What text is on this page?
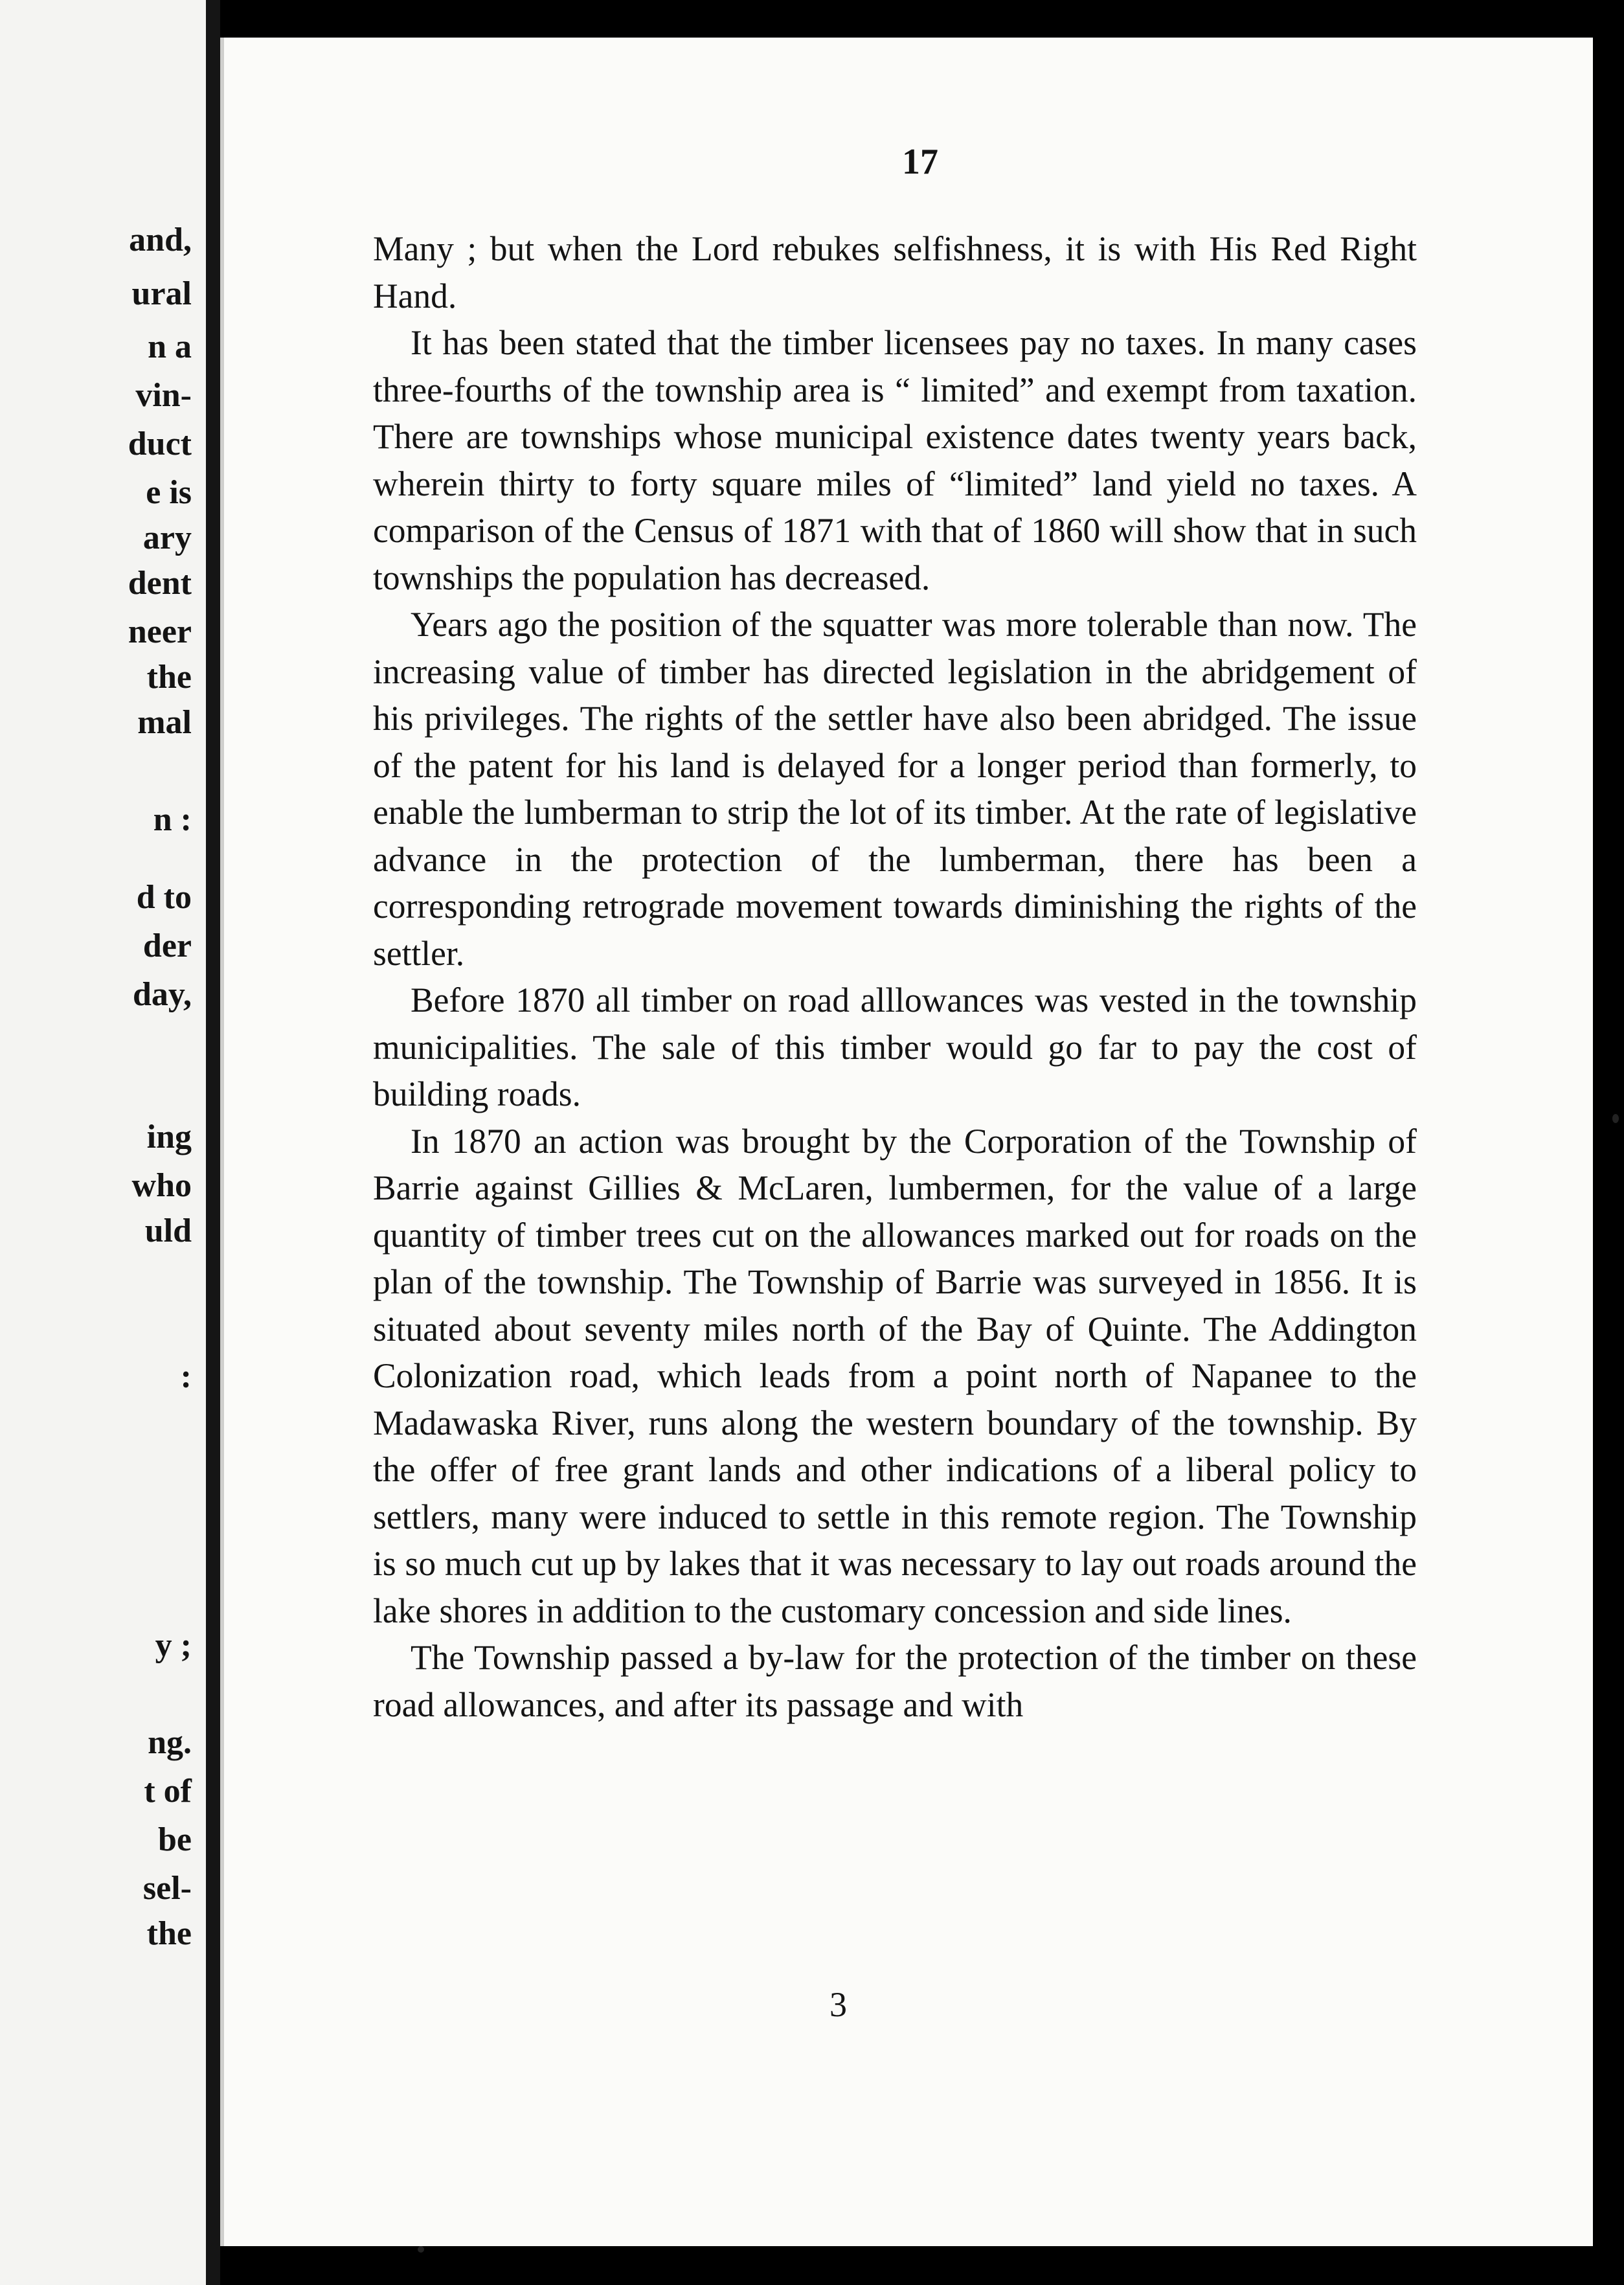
and,
ural
n a
vin-
duct
e is
ary
dent
neer
the
mal
n :
d to
der
day,
ing
who
uld
:
y ;
ng.
t of
be
sel-
the
17

Many ; but when the Lord rebukes selfishness, it is with His Red Right Hand.

It has been stated that the timber licensees pay no taxes. In many cases three-fourths of the township area is “ limited” and exempt from taxation. There are townships whose municipal existence dates twenty years back, wherein thirty to forty square miles of “limited” land yield no taxes. A comparison of the Census of 1871 with that of 1860 will show that in such townships the population has decreased.

Years ago the position of the squatter was more tolerable than now. The increasing value of timber has directed legislation in the abridgement of his privileges. The rights of the settler have also been abridged. The issue of the patent for his land is delayed for a longer period than formerly, to enable the lumberman to strip the lot of its timber. At the rate of legislative advance in the protection of the lumberman, there has been a corresponding retrograde movement towards diminishing the rights of the settler.

Before 1870 all timber on road alllowances was vested in the township municipalities. The sale of this timber would go far to pay the cost of building roads.

In 1870 an action was brought by the Corporation of the Township of Barrie against Gillies & McLaren, lumbermen, for the value of a large quantity of timber trees cut on the allowances marked out for roads on the plan of the township. The Township of Barrie was surveyed in 1856. It is situated about seventy miles north of the Bay of Quinte. The Addington Colonization road, which leads from a point north of Napanee to the Madawaska River, runs along the western boundary of the township. By the offer of free grant lands and other indications of a liberal policy to settlers, many were induced to settle in this remote region. The Township is so much cut up by lakes that it was necessary to lay out roads around the lake shores in addition to the customary concession and side lines.

The Township passed a by-law for the protection of the timber on these road allowances, and after its passage and with

3
